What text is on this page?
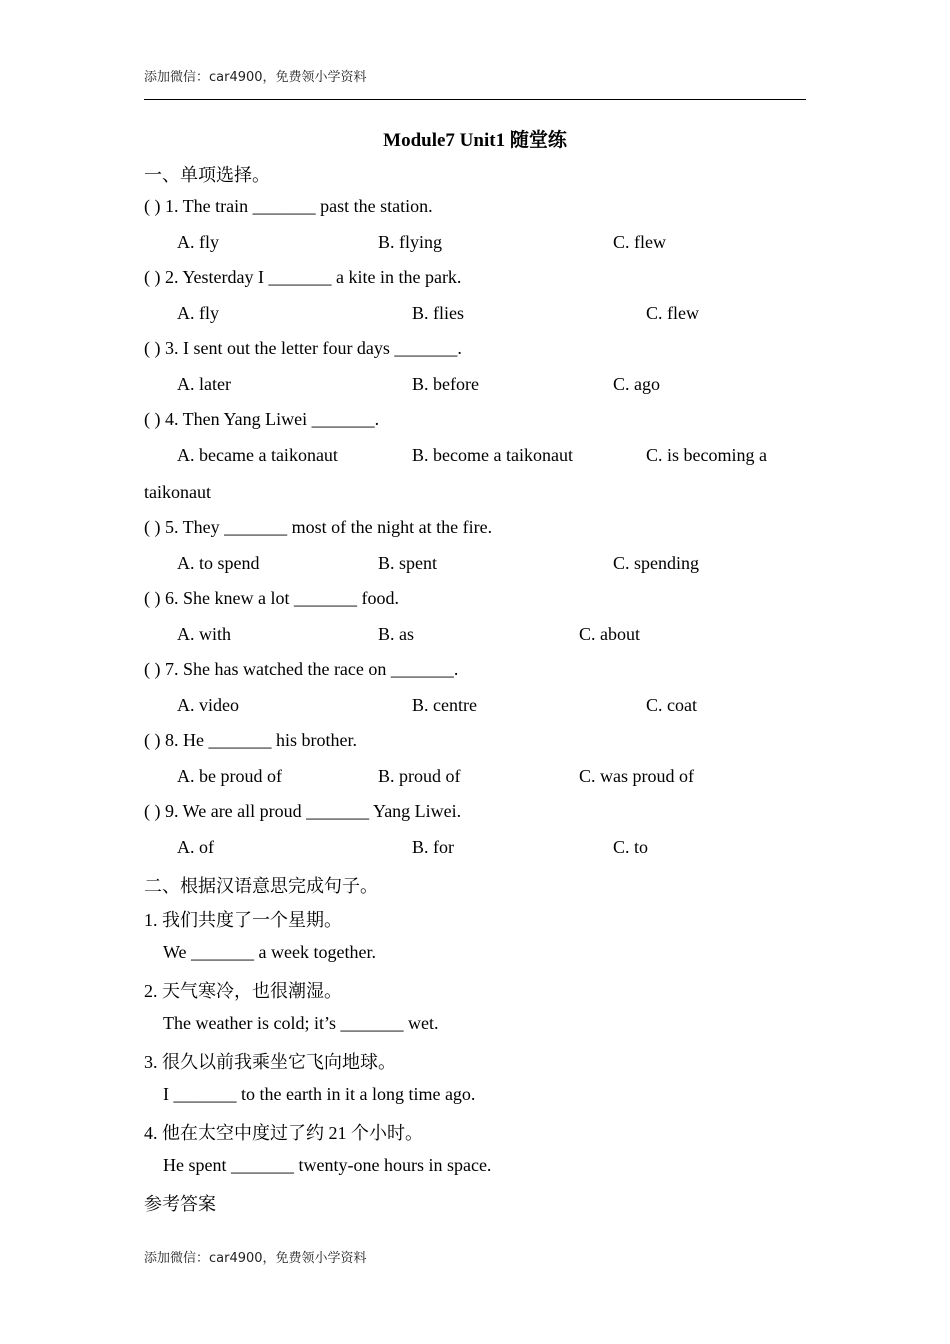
添加微信：car4900，免费领小学资料
Module7 Unit1 随堂练
一、单项选择。
( ) 1. The train _______ past the station.
A. fly	B. flying	C. flew
( ) 2. Yesterday I _______ a kite in the park.
A. fly	B. flies	C. flew
( ) 3. I sent out the letter four days _______.
A. later	B. before	C. ago
( ) 4. Then Yang Liwei _______.
A. became a taikonaut	B. become a taikonaut	C. is becoming a
taikonaut
( ) 5. They _______ most of the night at the fire.
A. to spend	B. spent	C. spending
( ) 6. She knew a lot _______ food.
A. with	B. as	C. about
( ) 7. She has watched the race on _______.
A. video	B. centre	C. coat
( ) 8. He _______ his brother.
A. be proud of	B. proud of	C. was proud of
( ) 9. We are all proud _______ Yang Liwei.
A. of	B. for	C. to
二、根据汉语意思完成句子。
1. 我们共度了一个星期。
We _______ a week together.
2. 天气寒冷，也很潮湿。
The weather is cold; it’s _______ wet.
3. 很久以前我乘坐它飞向地球。
I _______ to the earth in it a long time ago.
4. 他在太空中度过了约 21 个小时。
He spent _______ twenty-one hours in space.
参考答案
添加微信：car4900，免费领小学资料
